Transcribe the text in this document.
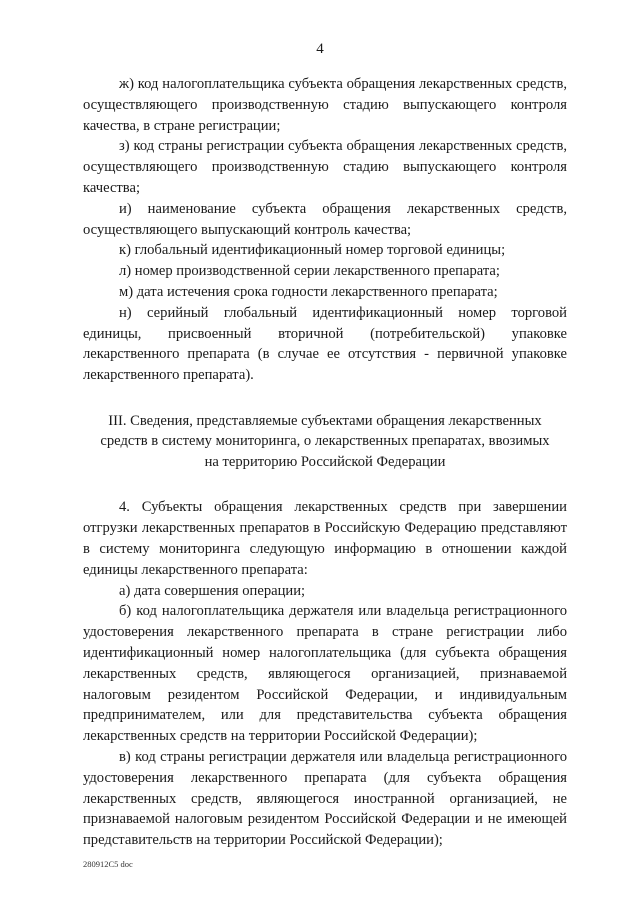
4

ж) код налогоплательщика субъекта обращения лекарственных средств, осуществляющего производственную стадию выпускающего контроля качества, в стране регистрации;

з) код страны регистрации субъекта обращения лекарственных средств, осуществляющего производственную стадию выпускающего контроля качества;

и) наименование субъекта обращения лекарственных средств, осуществляющего выпускающий контроль качества;

к) глобальный идентификационный номер торговой единицы;

л) номер производственной серии лекарственного препарата;

м) дата истечения срока годности лекарственного препарата;

н) серийный глобальный идентификационный номер торговой единицы, присвоенный вторичной (потребительской) упаковке лекарственного препарата (в случае ее отсутствия - первичной упаковке лекарственного препарата).

III. Сведения, представляемые субъектами обращения лекарственных
средств в систему мониторинга, о лекарственных препаратах, ввозимых
на территорию Российской Федерации

4. Субъекты обращения лекарственных средств при завершении отгрузки лекарственных препаратов в Российскую Федерацию представляют в систему мониторинга следующую информацию в отношении каждой единицы лекарственного препарата:

а) дата совершения операции;

б) код налогоплательщика держателя или владельца регистрационного удостоверения лекарственного препарата в стране регистрации либо идентификационный номер налогоплательщика (для субъекта обращения лекарственных средств, являющегося организацией, признаваемой налоговым резидентом Российской Федерации, и индивидуальным предпринимателем, или для представительства субъекта обращения лекарственных средств на территории Российской Федерации);

в) код страны регистрации держателя или владельца регистрационного удостоверения лекарственного препарата (для субъекта обращения лекарственных средств, являющегося иностранной организацией, не признаваемой налоговым резидентом Российской Федерации и не имеющей представительств на территории Российской Федерации);

280912C5 doc
